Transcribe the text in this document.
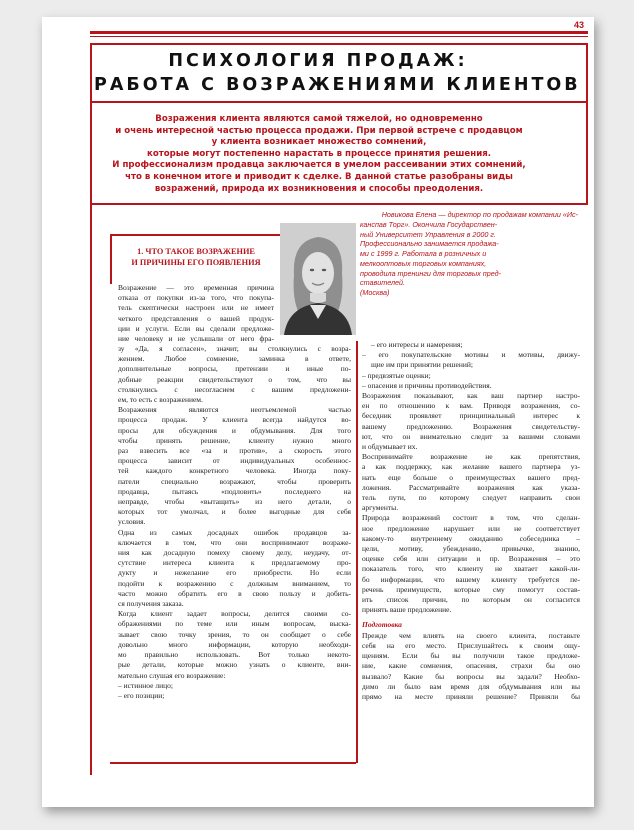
43
ПСИХОЛОГИЯ ПРОДАЖ:
РАБОТА С ВОЗРАЖЕНИЯМИ КЛИЕНТОВ
Возражения клиента являются самой тяжелой, но одновременно
и очень интересной частью процесса продажи. При первой встрече с продавцом
у клиента возникает множество сомнений,
которые могут постепенно нарастать в процессе принятия решения.
И профессионализм продавца заключается в умелом рассеивании этих сомнений,
что в конечном итоге и приводит к сделке. В данной статье разобраны виды
возражений, природа их возникновения и способы преодоления.
Новикова Елена — директор по продажам компании «Ис-
канспав Торг». Окончила Государствен-
ный Университет Управления в 2000 г.
Профессионально занимается продажа-
ми с 1999 г. Работала в розничных и
мелкооптовых торговых компаниях,
проводила тренинги для торговых пред-
ставителей.
(Москва)
1. ЧТО ТАКОЕ ВОЗРАЖЕНИЕ
И ПРИЧИНЫ ЕГО ПОЯВЛЕНИЯ
Возражение — это временная причина
отказа от покупки из-за того, что покупа-
тель скептически настроен или не имеет
четкого представления о вашей продук-
ции и услуги. Если вы сделали предложе-
ние человеку и не услышали от него фра-
зу «Да, я согласен», значит, вы столкнулись с возра-
жением. Любое сомнение, заминка в ответе,
дополнительные вопросы, претензии и иные по-
добные реакции свидетельствуют о том, что вы
столкнулись с несогласием с вашим предложени-
ем, то есть с возражением.
Возражения являются неотъемлемой частью
процесса продаж. У клиента всегда найдутся во-
просы для обсуждения и обдумывания. Для того
чтобы принять решение, клиенту нужно много
раз взвесить все «за и против», а скорость этого
процесса зависит от индивидуальных особеннос-
тей каждого конкретного человека. Иногда поку-
патели специально возражают, чтобы проверить
продавца, пытаясь «подловить» последнего на
неправде, чтобы «вытащить» из него детали, о
которых тот умолчал, и более выгодные для себя
условия.
Одна из самых досадных ошибок продавцов за-
ключается в том, что они воспринимают возраже-
ния как досадную помеху своему делу, неудачу, от-
сутствие интереса клиента к предлагаемому про-
дукту и нежелание его приобрести. Но если
подойти к возражению с должным вниманием, то
часто можно обратить его в свою пользу и добить-
ся получения заказа.
Когда клиент задает вопросы, делится своими со-
ображениями по теме или иным вопросам, выска-
зывает свою точку зрения, то он сообщает о себе
довольно много информации, которую необходи-
мо правильно использовать. Вот только некото-
рые детали, которые можно узнать о клиенте, вни-
мательно слушая его возражение:
– истинное лицо;
– его позиции;
– его интересы и намерения;
– его покупательские мотивы и мотивы, движу-
щие им при принятии решений;
– предвзятые оценки;
– опасения и причины противодействия.
Возражения показывают, как ваш партнер настро-
ен по отношению к вам. Приводя возражения, со-
беседник проявляет принципиальный интерес к
вашему предложению. Возражения свидетельству-
ют, что он внимательно следит за вашими словами
и обдумывает их.
Воспринимайте возражение не как препятствия,
а как поддержку, как желание вашего партнера уз-
нать еще больше о преимуществах вашего пред-
ложения. Рассматривайте возражения как указа-
тель пути, по которому следует направить свои
аргументы.
Природа возражений состоит в том, что сделан-
ное предложение нарушает или не соответствует
какому-то внутреннему ожиданию собеседника –
цели, мотиву, убеждению, привычке, знанию,
оценке себя или ситуации и пр. Возражения – это
показатель того, что клиенту не хватает какой-ли-
бо информации, что вашему клиенту требуется пе-
речень преимуществ, которые сму помогут состав-
ить список причин, по которым он согласится
принять ваше предложение.
Подготовка
Прежде чем влиять на своего клиента, поставьте
себя на его место. Прислушайтесь к своим ощу-
щениям. Если бы вы получили такое предложе-
ние, какие сомнения, опасения, страхи бы оно
вызвало? Какие бы вопросы вы задали? Необхо-
димо ли было вам время для обдумывания или вы
прямо на месте приняли решение? Приняли бы
